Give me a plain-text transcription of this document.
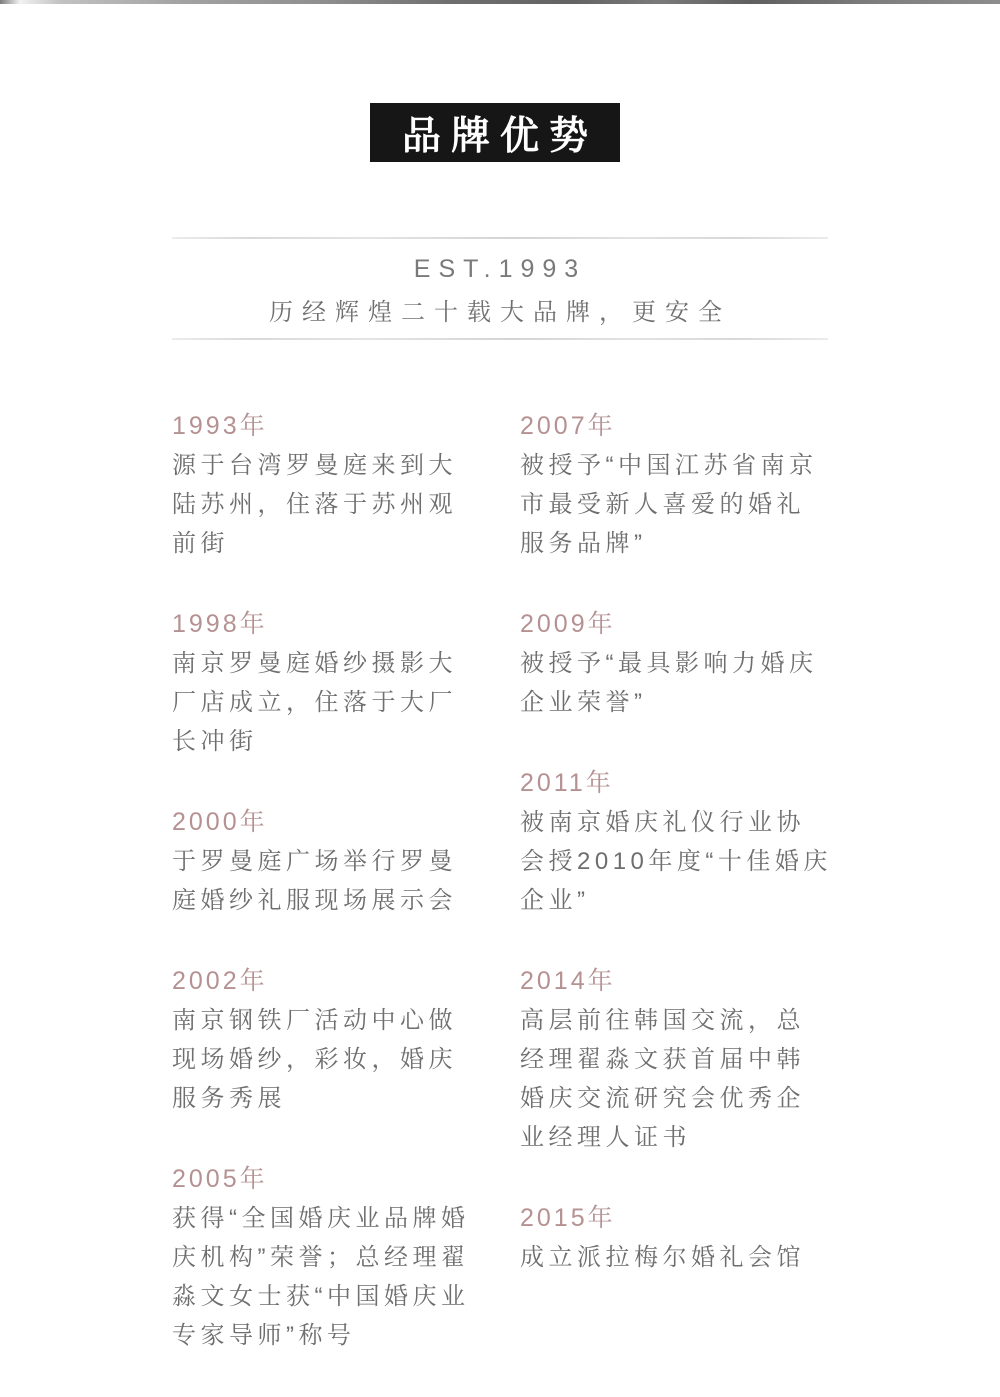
品牌优势
EST.1993
历经辉煌二十载大品牌，更安全
1993年
源于台湾罗曼庭来到大陆苏州，住落于苏州观前街
1998年
南京罗曼庭婚纱摄影大厂店成立，住落于大厂长冲街
2000年
于罗曼庭广场举行罗曼庭婚纱礼服现场展示会
2002年
南京钢铁厂活动中心做现场婚纱，彩妆，婚庆服务秀展
2005年
获得“全国婚庆业品牌婚庆机构”荣誉；总经理翟淼文女士获“中国婚庆业专家导师”称号
2007年
被授予“中国江苏省南京市最受新人喜爱的婚礼服务品牌”
2009年
被授予“最具影响力婚庆企业荣誉”
2011年
被南京婚庆礼仪行业协会授2010年度“十佳婚庆企业”
2014年
高层前往韩国交流，总经理翟淼文获首届中韩婚庆交流研究会优秀企业经理人证书
2015年
成立派拉梅尔婚礼会馆
